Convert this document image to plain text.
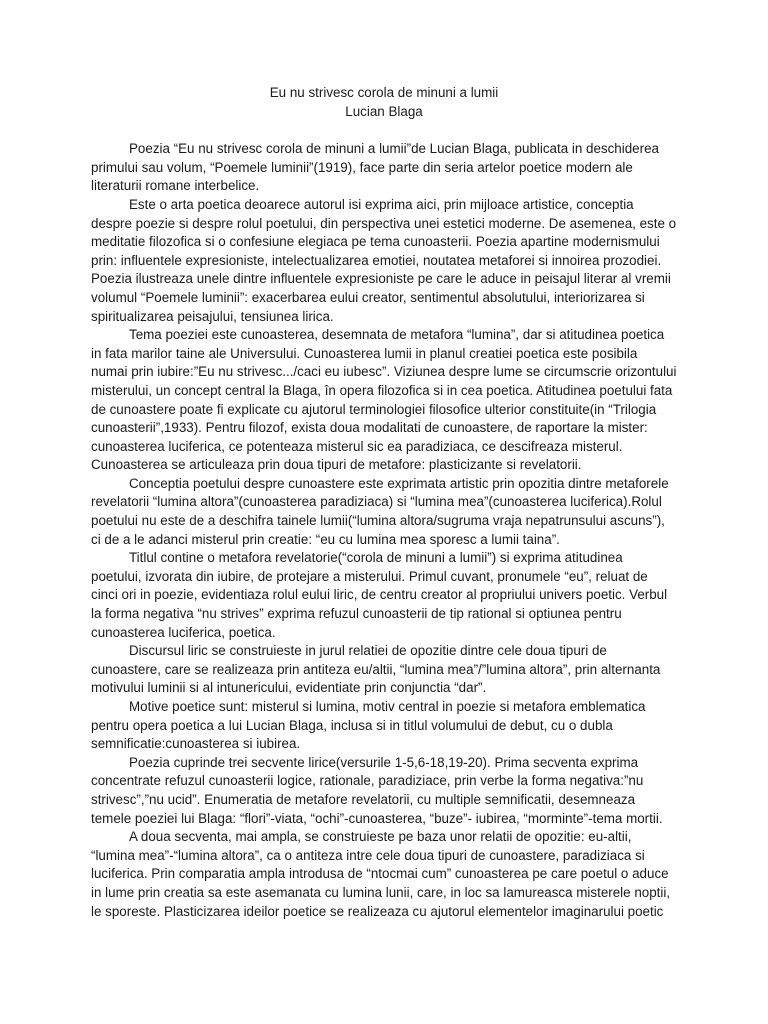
Eu nu strivesc corola de minuni a lumii

Lucian Blaga

Poezia “Eu nu strivesc corola de minuni a lumii”de Lucian Blaga, publicata in deschiderea primului sau volum, “Poemele luminii”(1919), face parte din seria artelor poetice modern ale literaturii romane interbelice.

Este o arta poetica deoarece autorul isi exprima aici, prin mijloace artistice, conceptia despre poezie si despre rolul poetului, din perspectiva unei estetici moderne. De asemenea, este o meditatie filozofica si o confesiune elegiaca pe tema cunoasterii. Poezia apartine modernismului prin: influentele expresioniste, intelectualizarea emotiei, noutatea metaforei si innoirea prozodiei. Poezia ilustreaza unele dintre influentele expresioniste pe care le aduce in peisajul literar al vremii volumul “Poemele luminii”: exacerbarea eului creator, sentimentul absolutului, interiorizarea si spiritualizarea peisajului, tensiunea lirica.

Tema poeziei este cunoasterea, desemnata de metafora “lumina”, dar si atitudinea poetica in fata marilor taine ale Universului. Cunoasterea lumii in planul creatiei poetica este posibila numai prin iubire:”Eu nu strivesc.../caci eu iubesc”. Viziunea despre lume se circumscrie orizontului misterului, un concept central la Blaga, în opera filozofica si in cea poetica. Atitudinea poetului fata de cunoastere poate fi explicate cu ajutorul terminologiei filosofice ulterior constituite(in “Trilogia cunoasterii”,1933). Pentru filozof, exista doua modalitati de cunoastere, de raportare la mister: cunoasterea luciferica, ce potenteaza misterul sic ea paradiziaca, ce descifreaza misterul. Cunoasterea se articuleaza prin doua tipuri de metafore: plasticizante si revelatorii.

Conceptia poetului despre cunoastere este exprimata artistic prin opozitia dintre metaforele revelatorii “lumina altora”(cunoasterea paradiziaca) si “lumina mea”(cunoasterea luciferica).Rolul poetului nu este de a deschifra tainele lumii(“lumina altora/sugruma vraja nepatrunsului ascuns”), ci de a le adanci misterul prin creatie: “eu cu lumina mea sporesc a lumii taina”.

Titlul contine o metafora revelatorie(“corola de minuni a lumii”) si exprima atitudinea poetului, izvorata din iubire, de protejare a misterului. Primul cuvant, pronumele “eu”, reluat de cinci ori in poezie, evidentiaza rolul eului liric, de centru creator al propriului univers poetic. Verbul la forma negativa “nu strives” exprima refuzul cunoasterii de tip rational si optiunea pentru cunoasterea luciferica, poetica.

Discursul liric se construieste in jurul relatiei de opozitie dintre cele doua tipuri de cunoastere, care se realizeaza prin antiteza eu/altii, “lumina mea”/”lumina altora”, prin alternanta motivului luminii si al intunericului, evidentiate prin conjunctia “dar”.

Motive poetice sunt: misterul si lumina, motiv central in poezie si metafora emblematica pentru opera poetica a lui Lucian Blaga, inclusa si in titlul volumului de debut, cu o dubla semnificatie:cunoasterea si iubirea.

Poezia cuprinde trei secvente lirice(versurile 1-5,6-18,19-20). Prima secventa exprima concentrate refuzul cunoasterii logice, rationale, paradiziace, prin verbe la forma negativa:”nu strivesc”,”nu ucid”. Enumeratia de metafore revelatorii, cu multiple semnificatii, desemneaza temele poeziei lui Blaga: “flori”-viata, “ochi”-cunoasterea, “buze”- iubirea, “morminte”-tema mortii.

A doua secventa, mai ampla, se construieste pe baza unor relatii de opozitie: eu-altii, “lumina mea”-“lumina altora”, ca o antiteza intre cele doua tipuri de cunoastere, paradiziaca si luciferica. Prin comparatia ampla introdusa de “ntocmai cum” cunoasterea pe care poetul o aduce in lume prin creatia sa este asemanata cu lumina lunii, care, in loc sa lamureasca misterele noptii, le sporeste. Plasticizarea ideilor poetice se realizeaza cu ajutorul elementelor imaginarului poetic
